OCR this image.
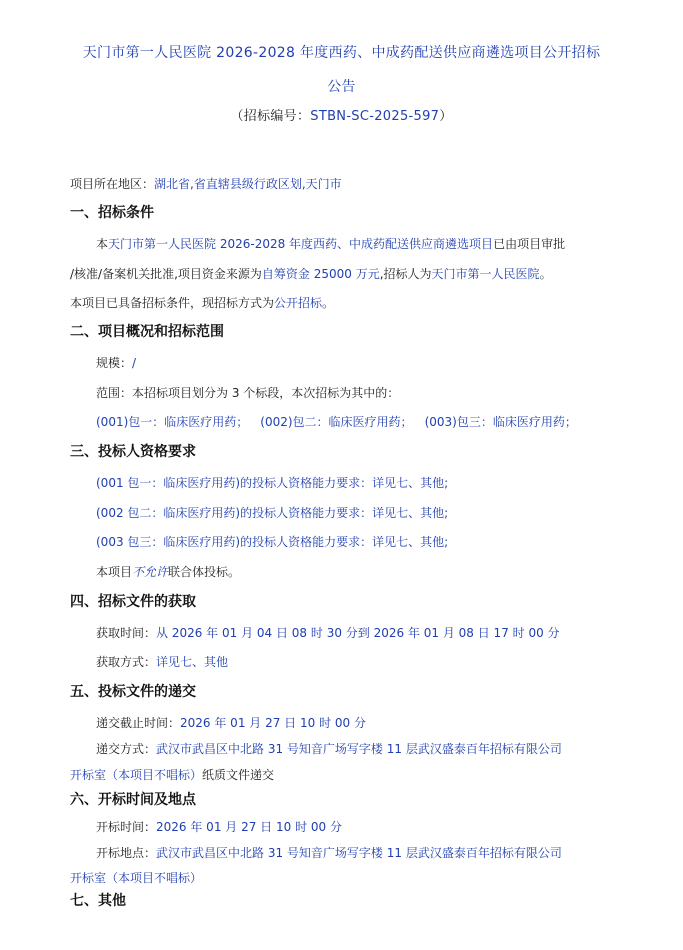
天门市第一人民医院 2026-2028 年度西药、中成药配送供应商遴选项目公开招标
公告
（招标编号：STBN-SC-2025-597）
项目所在地区：湖北省,省直辖县级行政区划,天门市
一、招标条件
本天门市第一人民医院 2026-2028 年度西药、中成药配送供应商遴选项目已由项目审批
/核准/备案机关批准,项目资金来源为自筹资金 25000 万元,招标人为天门市第一人民医院。
本项目已具备招标条件，现招标方式为公开招标。
二、项目概况和招标范围
规模：/
范围：本招标项目划分为 3 个标段，本次招标为其中的：
(001)包一：临床医疗用药； (002)包二：临床医疗用药； (003)包三：临床医疗用药；
三、投标人资格要求
(001 包一：临床医疗用药)的投标人资格能力要求：详见七、其他;
(002 包二：临床医疗用药)的投标人资格能力要求：详见七、其他;
(003 包三：临床医疗用药)的投标人资格能力要求：详见七、其他;
本项目不允许联合体投标。
四、招标文件的获取
获取时间：从 2026 年 01 月 04 日 08 时 30 分到 2026 年 01 月 08 日 17 时 00 分
获取方式：详见七、其他
五、投标文件的递交
递交截止时间：2026 年 01 月 27 日 10 时 00 分
递交方式：武汉市武昌区中北路 31 号知音广场写字楼 11 层武汉盛泰百年招标有限公司
开标室（本项目不唱标）纸质文件递交
六、开标时间及地点
开标时间：2026 年 01 月 27 日 10 时 00 分
开标地点：武汉市武昌区中北路 31 号知音广场写字楼 11 层武汉盛泰百年招标有限公司
开标室（本项目不唱标）
七、其他
